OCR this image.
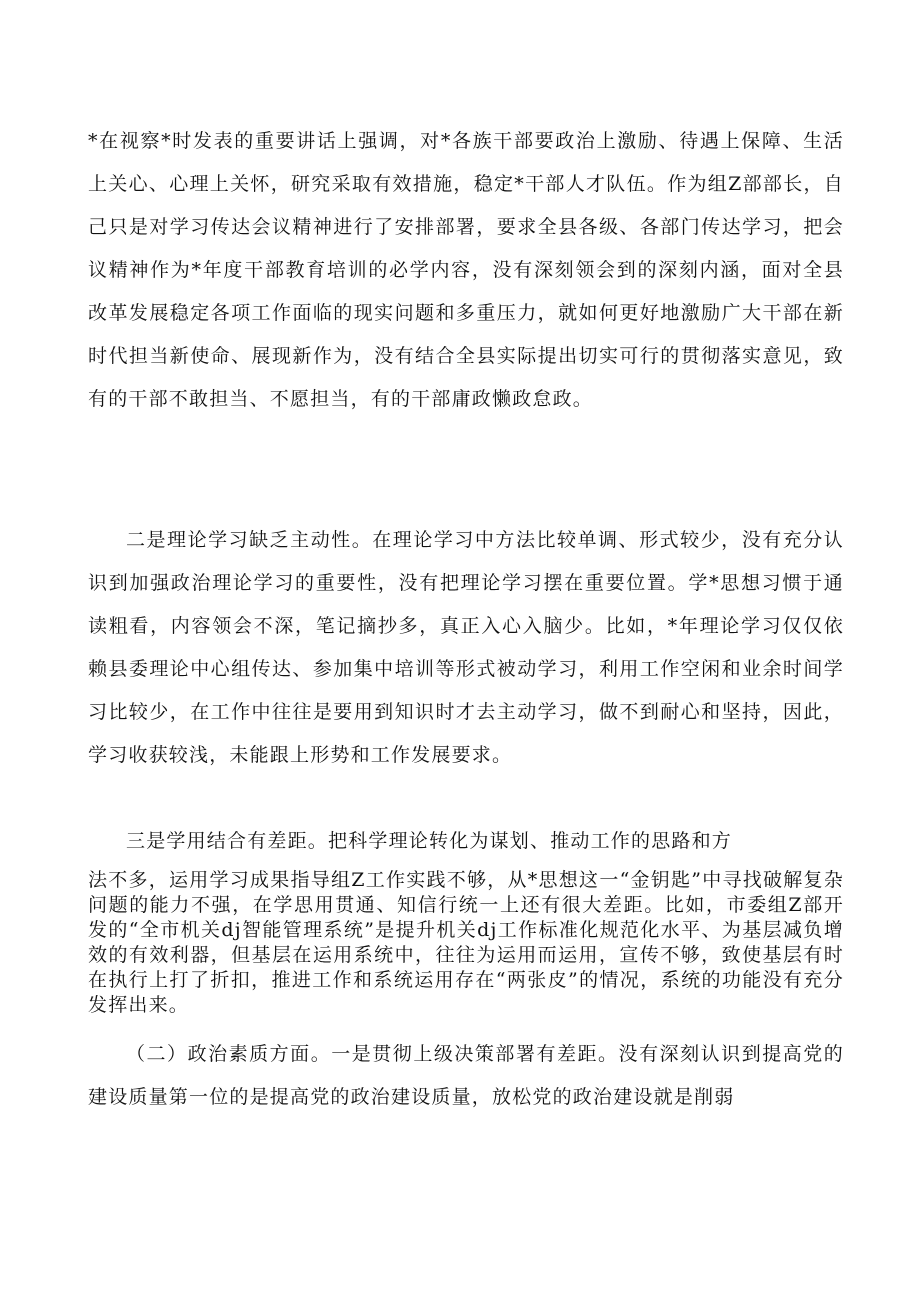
*在视察*时发表的重要讲话上强调，对*各族干部要政治上激励、待遇上保障、生活上关心、心理上关怀，研究采取有效措施，稳定*干部人才队伍。作为组Z部部长，自己只是对学习传达会议精神进行了安排部署，要求全县各级、各部门传达学习，把会议精神作为*年度干部教育培训的必学内容，没有深刻领会到的深刻内涵，面对全县改革发展稳定各项工作面临的现实问题和多重压力，就如何更好地激励广大干部在新时代担当新使命、展现新作为，没有结合全县实际提出切实可行的贯彻落实意见，致有的干部不敢担当、不愿担当，有的干部庸政懒政怠政。

二是理论学习缺乏主动性。在理论学习中方法比较单调、形式较少，没有充分认识到加强政治理论学习的重要性，没有把理论学习摆在重要位置。学*思想习惯于通读粗看，内容领会不深，笔记摘抄多，真正入心入脑少。比如，*年理论学习仅仅依赖县委理论中心组传达、参加集中培训等形式被动学习，利用工作空闲和业余时间学习比较少，在工作中往往是要用到知识时才去主动学习，做不到耐心和坚持，因此，学习收获较浅，未能跟上形势和工作发展要求。

三是学用结合有差距。把科学理论转化为谋划、推动工作的思路和方

法不多，运用学习成果指导组Z工作实践不够，从*思想这一“金钥匙”中寻找破解复杂问题的能力不强，在学思用贯通、知信行统一上还有很大差距。比如，市委组Z部开发的“全市机关dj智能管理系统”是提升机关dj工作标准化规范化水平、为基层减负增效的有效利器，但基层在运用系统中，往往为运用而运用，宣传不够，致使基层有时在执行上打了折扣，推进工作和系统运用存在“两张皮”的情况，系统的功能没有充分发挥出来。

（二）政治素质方面。一是贯彻上级决策部署有差距。没有深刻认识到提高党的建设质量第一位的是提高党的政治建设质量，放松党的政治建设就是削弱
